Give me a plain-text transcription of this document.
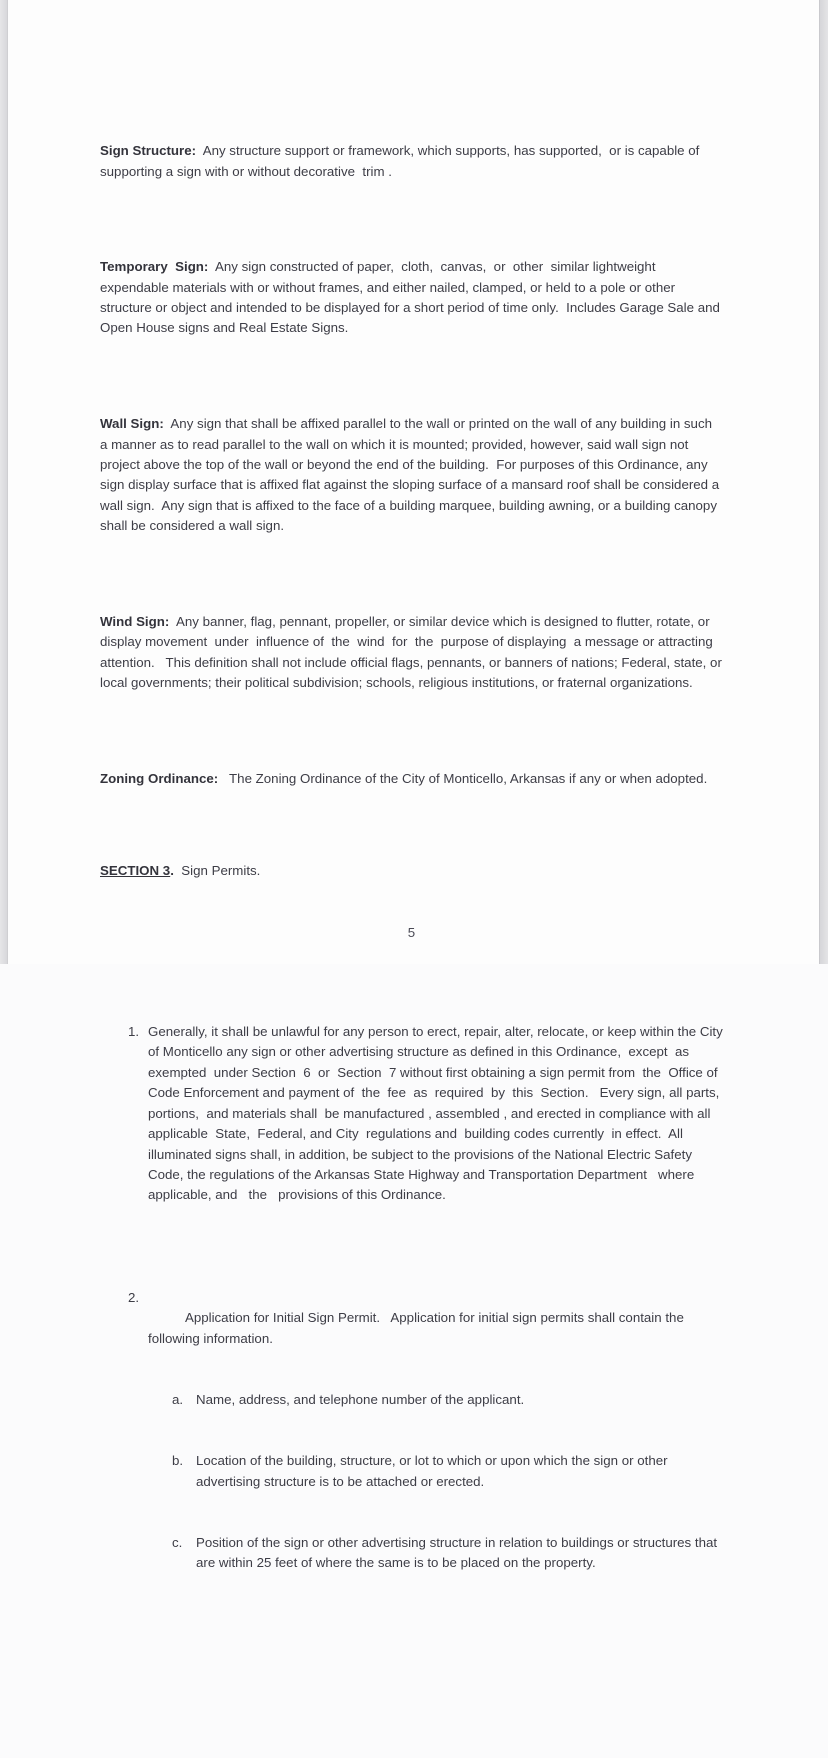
Sign Structure:  Any structure support or framework, which supports, has supported,  or is capable of supporting a sign with or without decorative  trim .

Temporary  Sign:  Any sign constructed of paper,  cloth,  canvas,  or  other  similar lightweight expendable materials with or without frames, and either nailed, clamped, or held to a pole or other structure or object and intended to be displayed for a short period of time only.  Includes Garage Sale and Open House signs and Real Estate Signs.

Wall Sign:  Any sign that shall be affixed parallel to the wall or printed on the wall of any building in such a manner as to read parallel to the wall on which it is mounted; provided, however, said wall sign not project above the top of the wall or beyond the end of the building.  For purposes of this Ordinance, any sign display surface that is affixed flat against the sloping surface of a mansard roof shall be considered a wall sign.  Any sign that is affixed to the face of a building marquee, building awning, or a building canopy shall be considered a wall sign.

Wind Sign:  Any banner, flag, pennant, propeller, or similar device which is designed to flutter, rotate, or display movement  under  influence of  the  wind  for  the  purpose of displaying  a message or attracting attention.   This definition shall not include official flags, pennants, or banners of nations; Federal, state, or local governments; their political subdivision; schools, religious institutions, or fraternal organizations.

Zoning Ordinance:   The Zoning Ordinance of the City of Monticello, Arkansas if any or when adopted.

SECTION 3.  Sign Permits.

1. Generally, it shall be unlawful for any person to erect, repair, alter, relocate, or keep within the City of Monticello any sign or other advertising structure as defined in this Ordinance,  except  as exempted  under Section  6  or  Section  7 without first obtaining a sign permit from  the  Office of Code Enforcement and payment of  the  fee  as  required  by  this  Section.   Every sign, all parts, portions,  and materials shall  be manufactured , assembled , and erected in compliance with all applicable  State,  Federal, and City  regulations and  building codes currently  in effect.  All illuminated signs shall, in addition, be subject to the provisions of the National Electric Safety Code, the regulations of the Arkansas State Highway and Transportation Department   where applicable, and   the   provisions of this Ordinance.

2.

Application for Initial Sign Permit.   Application for initial sign permits shall contain the following information.

a. Name, address, and telephone number of the applicant.

b. Location of the building, structure, or lot to which or upon which the sign or other advertising structure is to be attached or erected.

c.	Position of the sign or other advertising structure in relation to buildings or structures that are within 25 feet of where the same is to be placed on the property.

5
